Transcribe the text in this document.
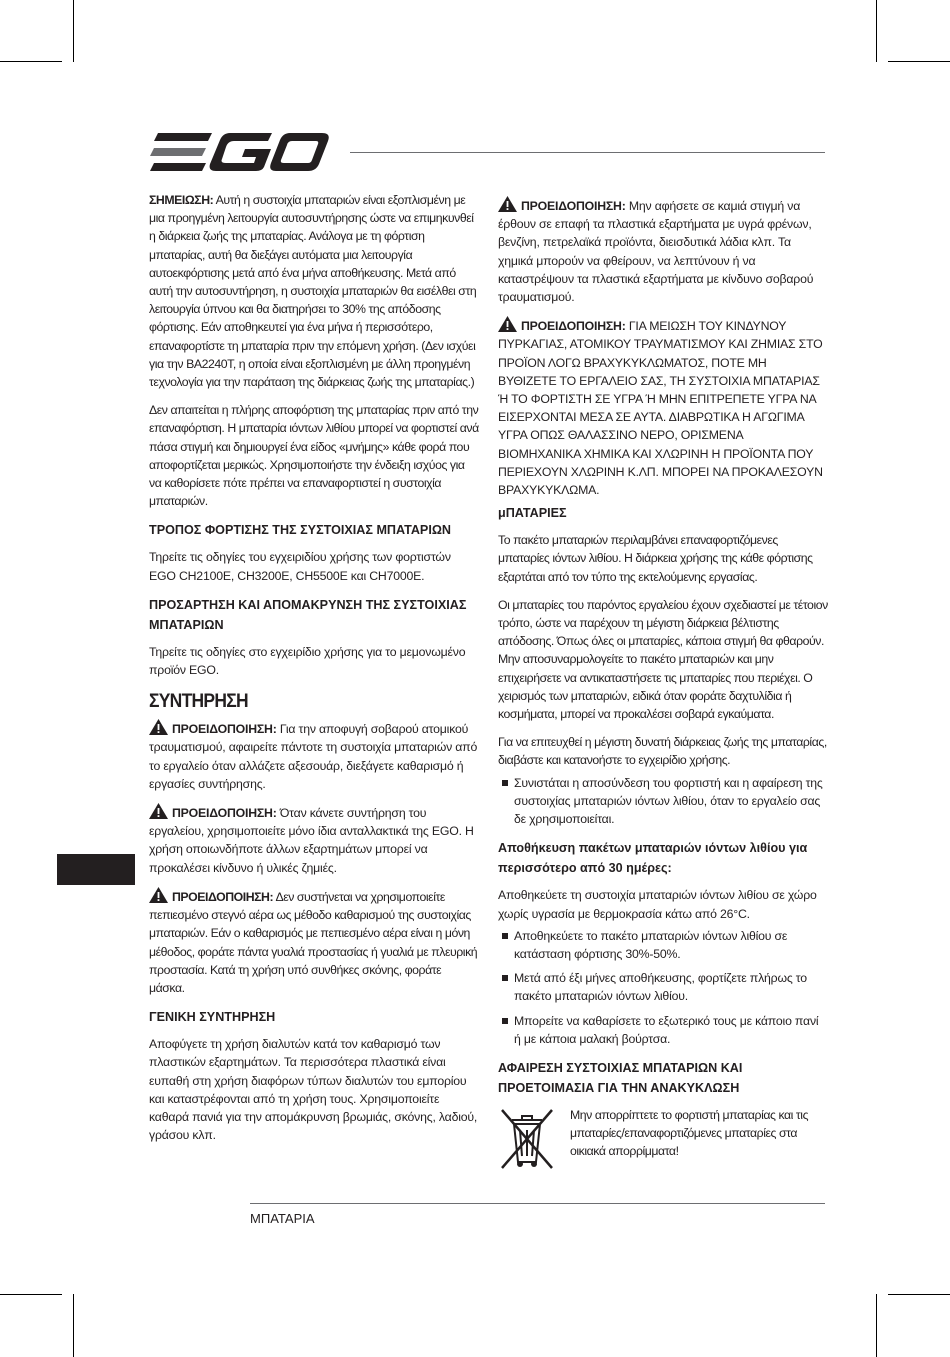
ΣΗΜΕΙΩΣΗ: Αυτή η συστοιχία μπαταριών είναι εξοπλισμένη με μια προηγμένη λειτουργία αυτοσυντήρησης ώστε να επιμηκυνθεί η διάρκεια ζωής της μπαταρίας. Ανάλογα με τη φόρτιση μπαταρίας, αυτή θα διεξάγει αυτόματα μια λειτουργία αυτοεκφόρτισης μετά από ένα μήνα αποθήκευσης. Μετά από αυτή την αυτοσυντήρηση, η συστοιχία μπαταριών θα εισέλθει στη λειτουργία ύπνου και θα διατηρήσει το 30% της απόδοσης φόρτισης. Εάν αποθηκευτεί για ένα μήνα ή περισσότερο, επαναφορτίστε τη μπαταρία πριν την επόμενη χρήση. (Δεν ισχύει για την BA2240T, η οποία είναι εξοπλισμένη με άλλη προηγμένη τεχνολογία για την παράταση της διάρκειας ζωής της μπαταρίας.)

Δεν απαιτείται η πλήρης αποφόρτιση της μπαταρίας πριν από την επαναφόρτιση. Η μπαταρία ιόντων λιθίου μπορεί να φορτιστεί ανά πάσα στιγμή και δημιουργεί ένα είδος «μνήμης» κάθε φορά που αποφορτίζεται μερικώς. Χρησιμοποιήστε την ένδειξη ισχύος για να καθορίσετε πότε πρέπει να επαναφορτιστεί η συστοιχία μπαταριών.

ΤΡΟΠΟΣ ΦΟΡΤΙΣΗΣ ΤΗΣ ΣΥΣΤΟΙΧΙΑΣ ΜΠΑΤΑΡΙΩΝ

Τηρείτε τις οδηγίες του εγχειριδίου χρήσης των φορτιστών EGO CH2100E, CH3200E, CH5500E και CH7000E.

ΠΡΟΣΑΡΤΗΣΗ ΚΑΙ ΑΠΟΜΑΚΡΥΝΣΗ ΤΗΣ ΣΥΣΤΟΙΧΙΑΣ ΜΠΑΤΑΡΙΩΝ

Τηρείτε τις οδηγίες στο εγχειρίδιο χρήσης για το μεμονωμένο προϊόν EGO.

ΣΥΝΤΗΡΗΣΗ

ΠΡΟΕΙΔΟΠΟΙΗΣΗ: Για την αποφυγή σοβαρού ατομικού τραυματισμού, αφαιρείτε πάντοτε τη συστοιχία μπαταριών από το εργαλείο όταν αλλάζετε αξεσουάρ, διεξάγετε καθαρισμό ή εργασίες συντήρησης.

ΠΡΟΕΙΔΟΠΟΙΗΣΗ: Όταν κάνετε συντήρηση του εργαλείου, χρησιμοποιείτε μόνο ίδια ανταλλακτικά της EGO. Η χρήση οποιωνδήποτε άλλων εξαρτημάτων μπορεί να προκαλέσει κίνδυνο ή υλικές ζημιές.

ΠΡΟΕΙΔΟΠΟΙΗΣΗ: Δεν συστήνεται να χρησιμοποιείτε πεπιεσμένο στεγνό αέρα ως μέθοδο καθαρισμού της συστοιχίας μπαταριών. Εάν ο καθαρισμός με πεπιεσμένο αέρα είναι η μόνη μέθοδος, φοράτε πάντα γυαλιά προστασίας ή γυαλιά με πλευρική προστασία. Κατά τη χρήση υπό συνθήκες σκόνης, φοράτε μάσκα.

ΓΕΝΙΚΗ ΣΥΝΤΗΡΗΣΗ

Αποφύγετε τη χρήση διαλυτών κατά τον καθαρισμό των πλαστικών εξαρτημάτων. Τα περισσότερα πλαστικά είναι ευπαθή στη χρήση διαφόρων τύπων διαλυτών του εμπορίου και καταστρέφονται από τη χρήση τους. Χρησιμοποιείτε καθαρά πανιά για την απομάκρυνση βρωμιάς, σκόνης, λαδιού, γράσου κλπ.

ΠΡΟΕΙΔΟΠΟΙΗΣΗ: Μην αφήσετε σε καμιά στιγμή να έρθουν σε επαφή τα πλαστικά εξαρτήματα με υγρά φρένων, βενζίνη, πετρελαϊκά προϊόντα, διεισδυτικά λάδια κλπ. Τα χημικά μπορούν να φθείρουν, να λεπτύνουν ή να καταστρέψουν τα πλαστικά εξαρτήματα με κίνδυνο σοβαρού τραυματισμού.

ΠΡΟΕΙΔΟΠΟΙΗΣΗ: ΓΙΑ ΜΕΙΩΣΗ ΤΟΥ ΚΙΝΔΥΝΟΥ ΠΥΡΚΑΓΙΑΣ, ΑΤΟΜΙΚΟΥ ΤΡΑΥΜΑΤΙΣΜΟΥ ΚΑΙ ΖΗΜΙΑΣ ΣΤΟ ΠΡΟΪΟΝ ΛΟΓΩ ΒΡΑΧΥΚΥΚΛΩΜΑΤΟΣ, ΠΟΤΕ ΜΗ ΒΥΘΙΖΕΤΕ ΤΟ ΕΡΓΑΛΕΙΟ ΣΑΣ, ΤΗ ΣΥΣΤΟΙΧΙΑ ΜΠΑΤΑΡΙΑΣ Ή ΤΟ ΦΟΡΤΙΣΤΗ ΣΕ ΥΓΡΑ Ή ΜΗΝ ΕΠΙΤΡΕΠΕΤΕ ΥΓΡΑ ΝΑ ΕΙΣΕΡΧΟΝΤΑΙ ΜΕΣΑ ΣΕ ΑΥΤΑ. ΔΙΑΒΡΩΤΙΚΑ Η ΑΓΩΓΙΜΑ ΥΓΡΑ ΟΠΩΣ ΘΑΛΑΣΣΙΝΟ ΝΕΡΟ, ΟΡΙΣΜΕΝΑ ΒΙΟΜΗΧΑΝΙΚΑ ΧΗΜΙΚΑ ΚΑΙ ΧΛΩΡΙΝΗ Η ΠΡΟΪΟΝΤΑ ΠΟΥ ΠΕΡΙΕΧΟΥΝ ΧΛΩΡΙΝΗ Κ.ΛΠ. ΜΠΟΡΕΙ ΝΑ ΠΡΟΚΑΛΕΣΟΥΝ ΒΡΑΧΥΚΥΚΛΩΜΑ.

μΠΑΤΑΡΙΕΣ

Το πακέτο μπαταριών περιλαμβάνει επαναφορτιζόμενες μπαταρίες ιόντων λιθίου. Η διάρκεια χρήσης της κάθε φόρτισης εξαρτάται από τον τύπο της εκτελούμενης εργασίας.

Οι μπαταρίες του παρόντος εργαλείου έχουν σχεδιαστεί με τέτοιον τρόπο, ώστε να παρέχουν τη μέγιστη διάρκεια βέλτιστης απόδοσης. Όπως όλες οι μπαταρίες, κάποια στιγμή θα φθαρούν.
Μην αποσυναρμολογείτε το πακέτο μπαταριών και μην επιχειρήσετε να αντικαταστήσετε τις μπαταρίες που περιέχει. Ο χειρισμός των μπαταριών, ειδικά όταν φοράτε δαχτυλίδια ή κοσμήματα, μπορεί να προκαλέσει σοβαρά εγκαύματα.

Για να επιτευχθεί η μέγιστη δυνατή διάρκειας ζωής της μπαταρίας, διαβάστε και κατανοήστε το εγχειρίδιο χρήσης.

Συνιστάται η αποσύνδεση του φορτιστή και η αφαίρεση της συστοιχίας μπαταριών ιόντων λιθίου, όταν το εργαλείο σας δε χρησιμοποιείται.
Αποθήκευση πακέτων μπαταριών ιόντων λιθίου για περισσότερο από 30 ημέρες:

Αποθηκεύετε τη συστοιχία μπαταριών ιόντων λιθίου σε χώρο χωρίς υγρασία με θερμοκρασία κάτω από 26°C.

Αποθηκεύετε το πακέτο μπαταριών ιόντων λιθίου σε κατάσταση φόρτισης 30%-50%.
Μετά από έξι μήνες αποθήκευσης, φορτίζετε πλήρως το πακέτο μπαταριών ιόντων λιθίου.
Μπορείτε να καθαρίσετε το εξωτερικό τους με κάποιο πανί ή με κάποια μαλακή βούρτσα.
ΑΦΑΙΡΕΣΗ ΣΥΣΤΟΙΧΙΑΣ ΜΠΑΤΑΡΙΩΝ ΚΑΙ ΠΡΟΕΤΟΙΜΑΣΙΑ ΓΙΑ ΤΗΝ ΑΝΑΚΥΚΛΩΣΗ
Μην απορρίπτετε το φορτιστή μπαταρίας και τις μπαταρίες/επαναφορτιζόμενες μπαταρίες στα οικιακά απορρίμματα!
ΜΠΑΤΑΡΙΑ
